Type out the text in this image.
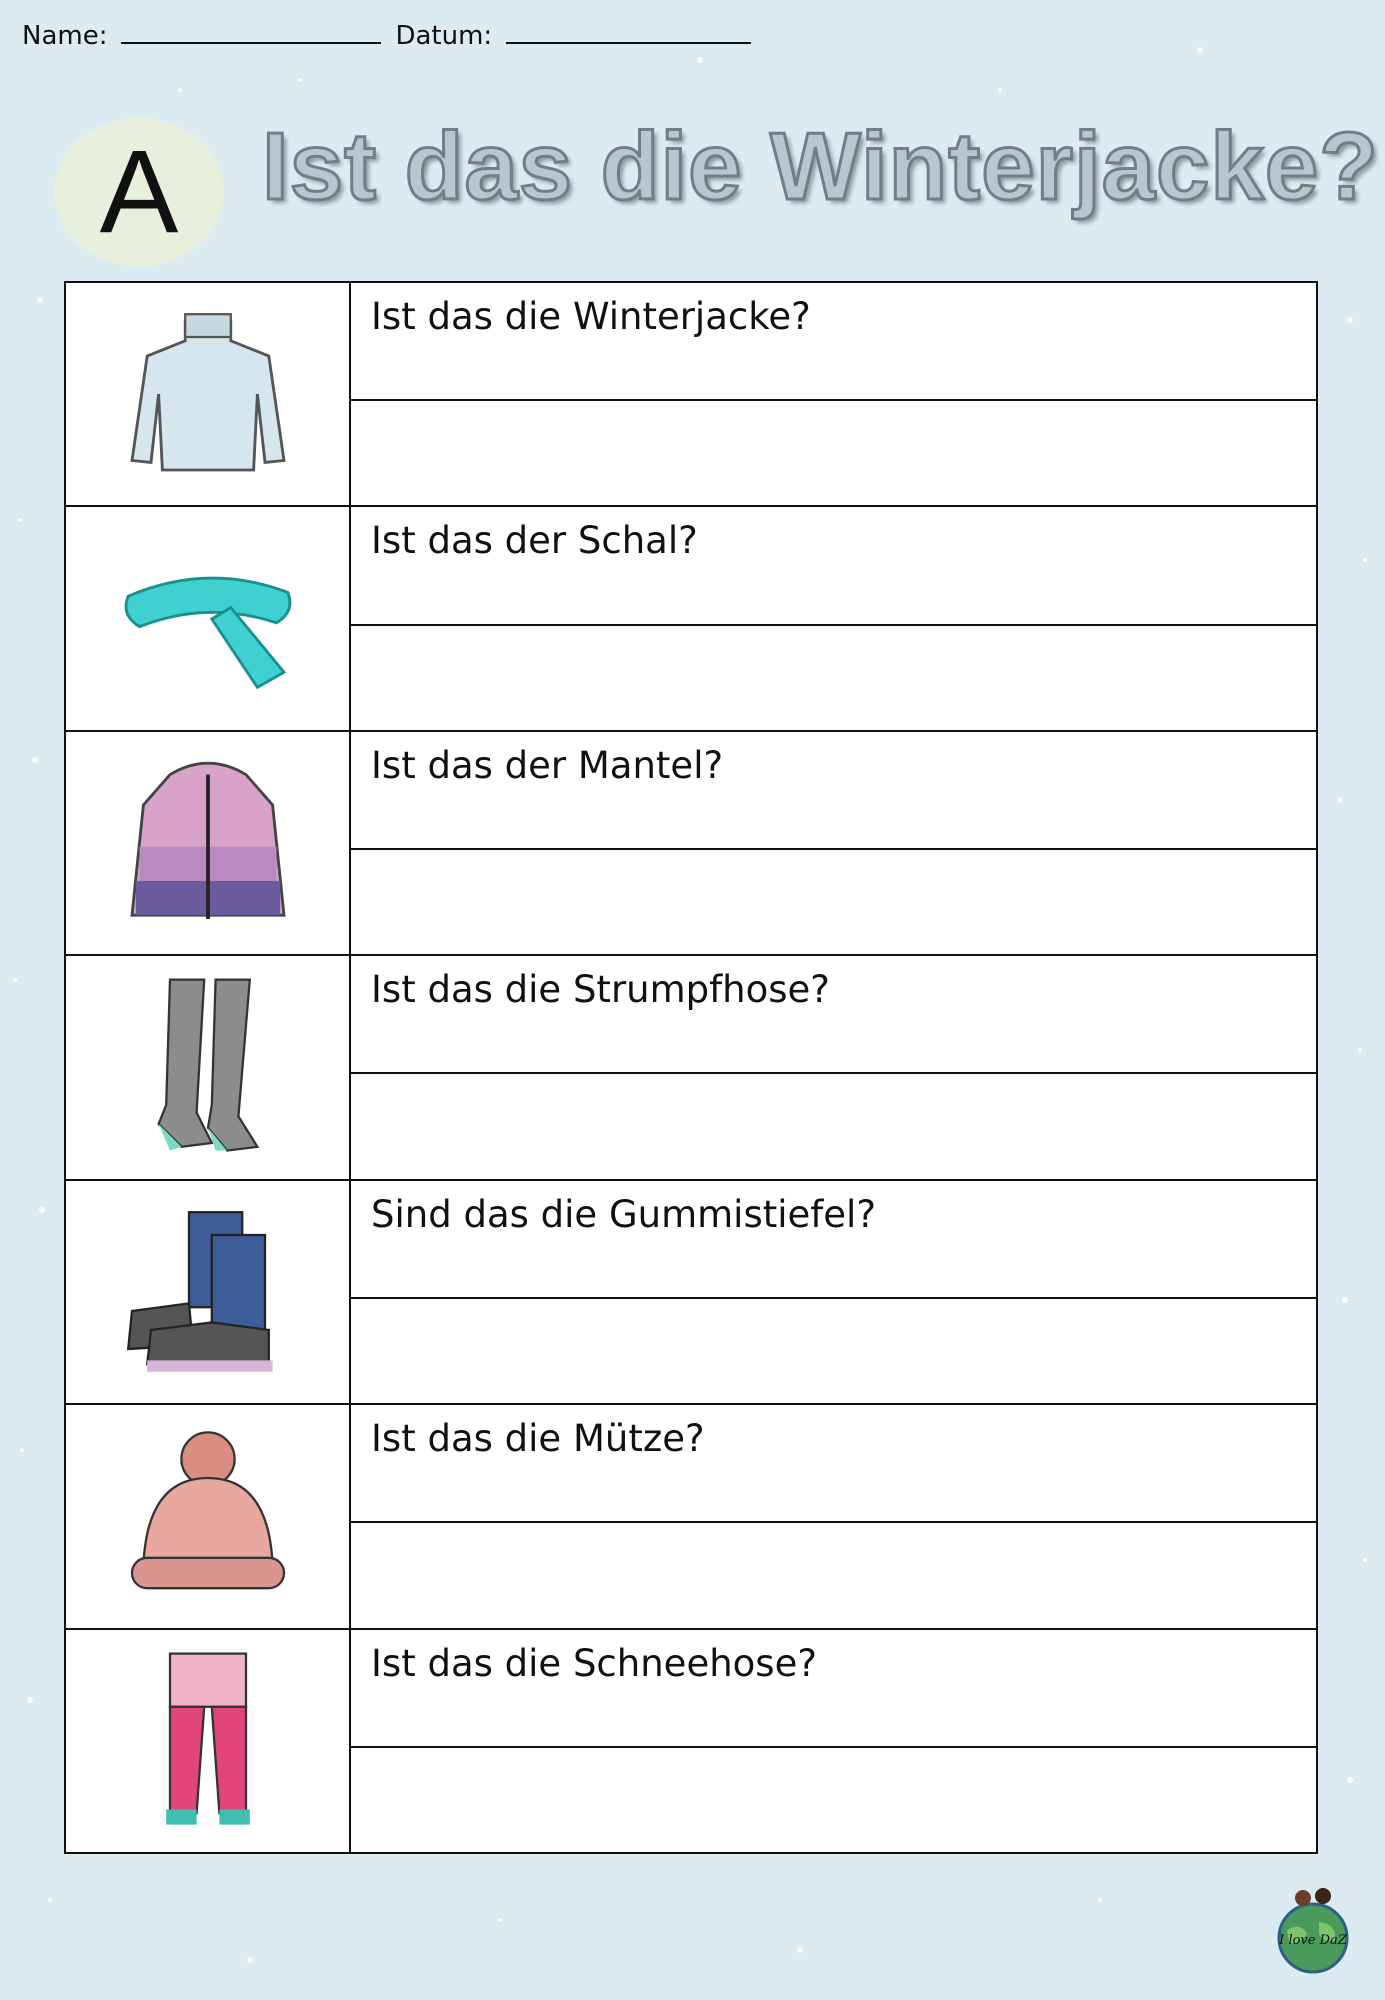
Name:	Datum:
A Ist das die Winterjacke?
Ist das die Winterjacke?
Ist das der Schal?
Ist das der Mantel?
Ist das die Strumpfhose?
Sind das die Gummistiefel?
Ist das die Mütze?
Ist das die Schneehose?
I love DaZ
